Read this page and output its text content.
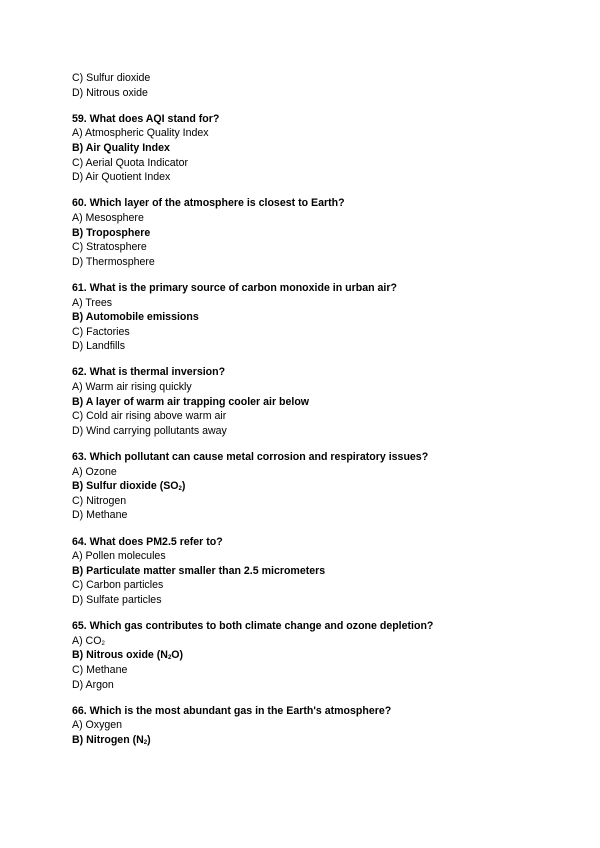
C) Sulfur dioxide
D) Nitrous oxide
59. What does AQI stand for?
A) Atmospheric Quality Index
B) Air Quality Index
C) Aerial Quota Indicator
D) Air Quotient Index
60. Which layer of the atmosphere is closest to Earth?
A) Mesosphere
B) Troposphere
C) Stratosphere
D) Thermosphere
61. What is the primary source of carbon monoxide in urban air?
A) Trees
B) Automobile emissions
C) Factories
D) Landfills
62. What is thermal inversion?
A) Warm air rising quickly
B) A layer of warm air trapping cooler air below
C) Cold air rising above warm air
D) Wind carrying pollutants away
63. Which pollutant can cause metal corrosion and respiratory issues?
A) Ozone
B) Sulfur dioxide $(SO_2)$
C) Nitrogen
D) Methane
64. What does PM2.5 refer to?
A) Pollen molecules
B) Particulate matter smaller than 2.5 micrometers
C) Carbon particles
D) Sulfate particles
65. Which gas contributes to both climate change and ozone depletion?
A) $CO_2$
B) Nitrous oxide $(N_2O)$
C) Methane
D) Argon
66. Which is the most abundant gas in the Earth's atmosphere?
A) Oxygen
B) Nitrogen $(N_2)$
